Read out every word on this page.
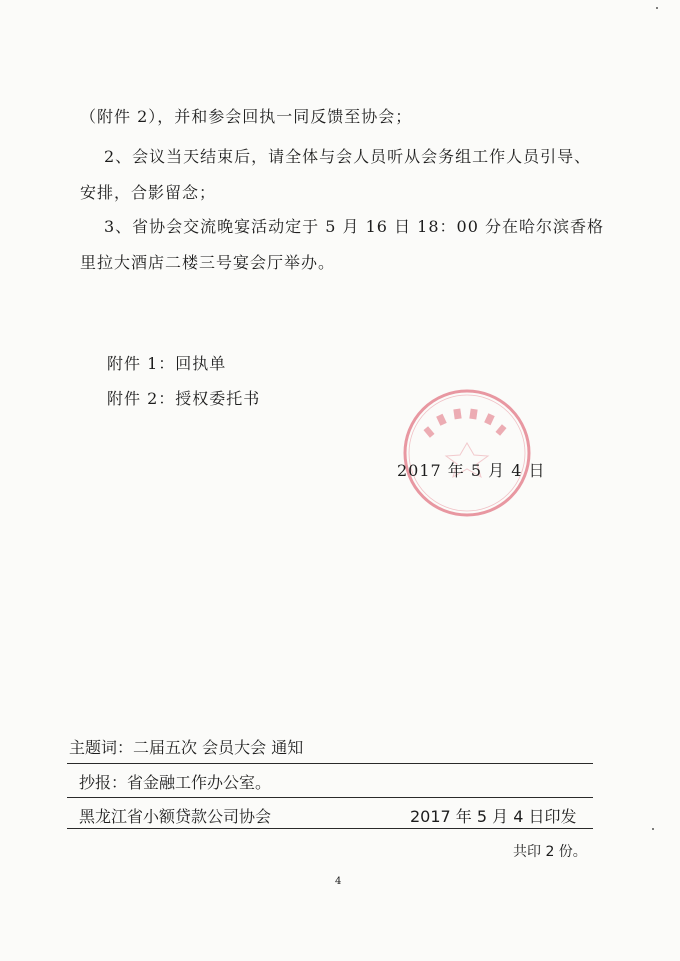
（附件 2），并和参会回执一同反馈至协会；
2、会议当天结束后，请全体与会人员听从会务组工作人员引导、
安排，合影留念；
3、省协会交流晚宴活动定于 5 月 16 日 18：00 分在哈尔滨香格
里拉大酒店二楼三号宴会厅举办。
附件 1：回执单
附件 2：授权委托书
2017 年 5 月 4 日
主题词：二届五次 会员大会 通知
抄报：省金融工作办公室。
黑龙江省小额贷款公司协会	2017 年 5 月 4 日印发
共印 2 份。
4
